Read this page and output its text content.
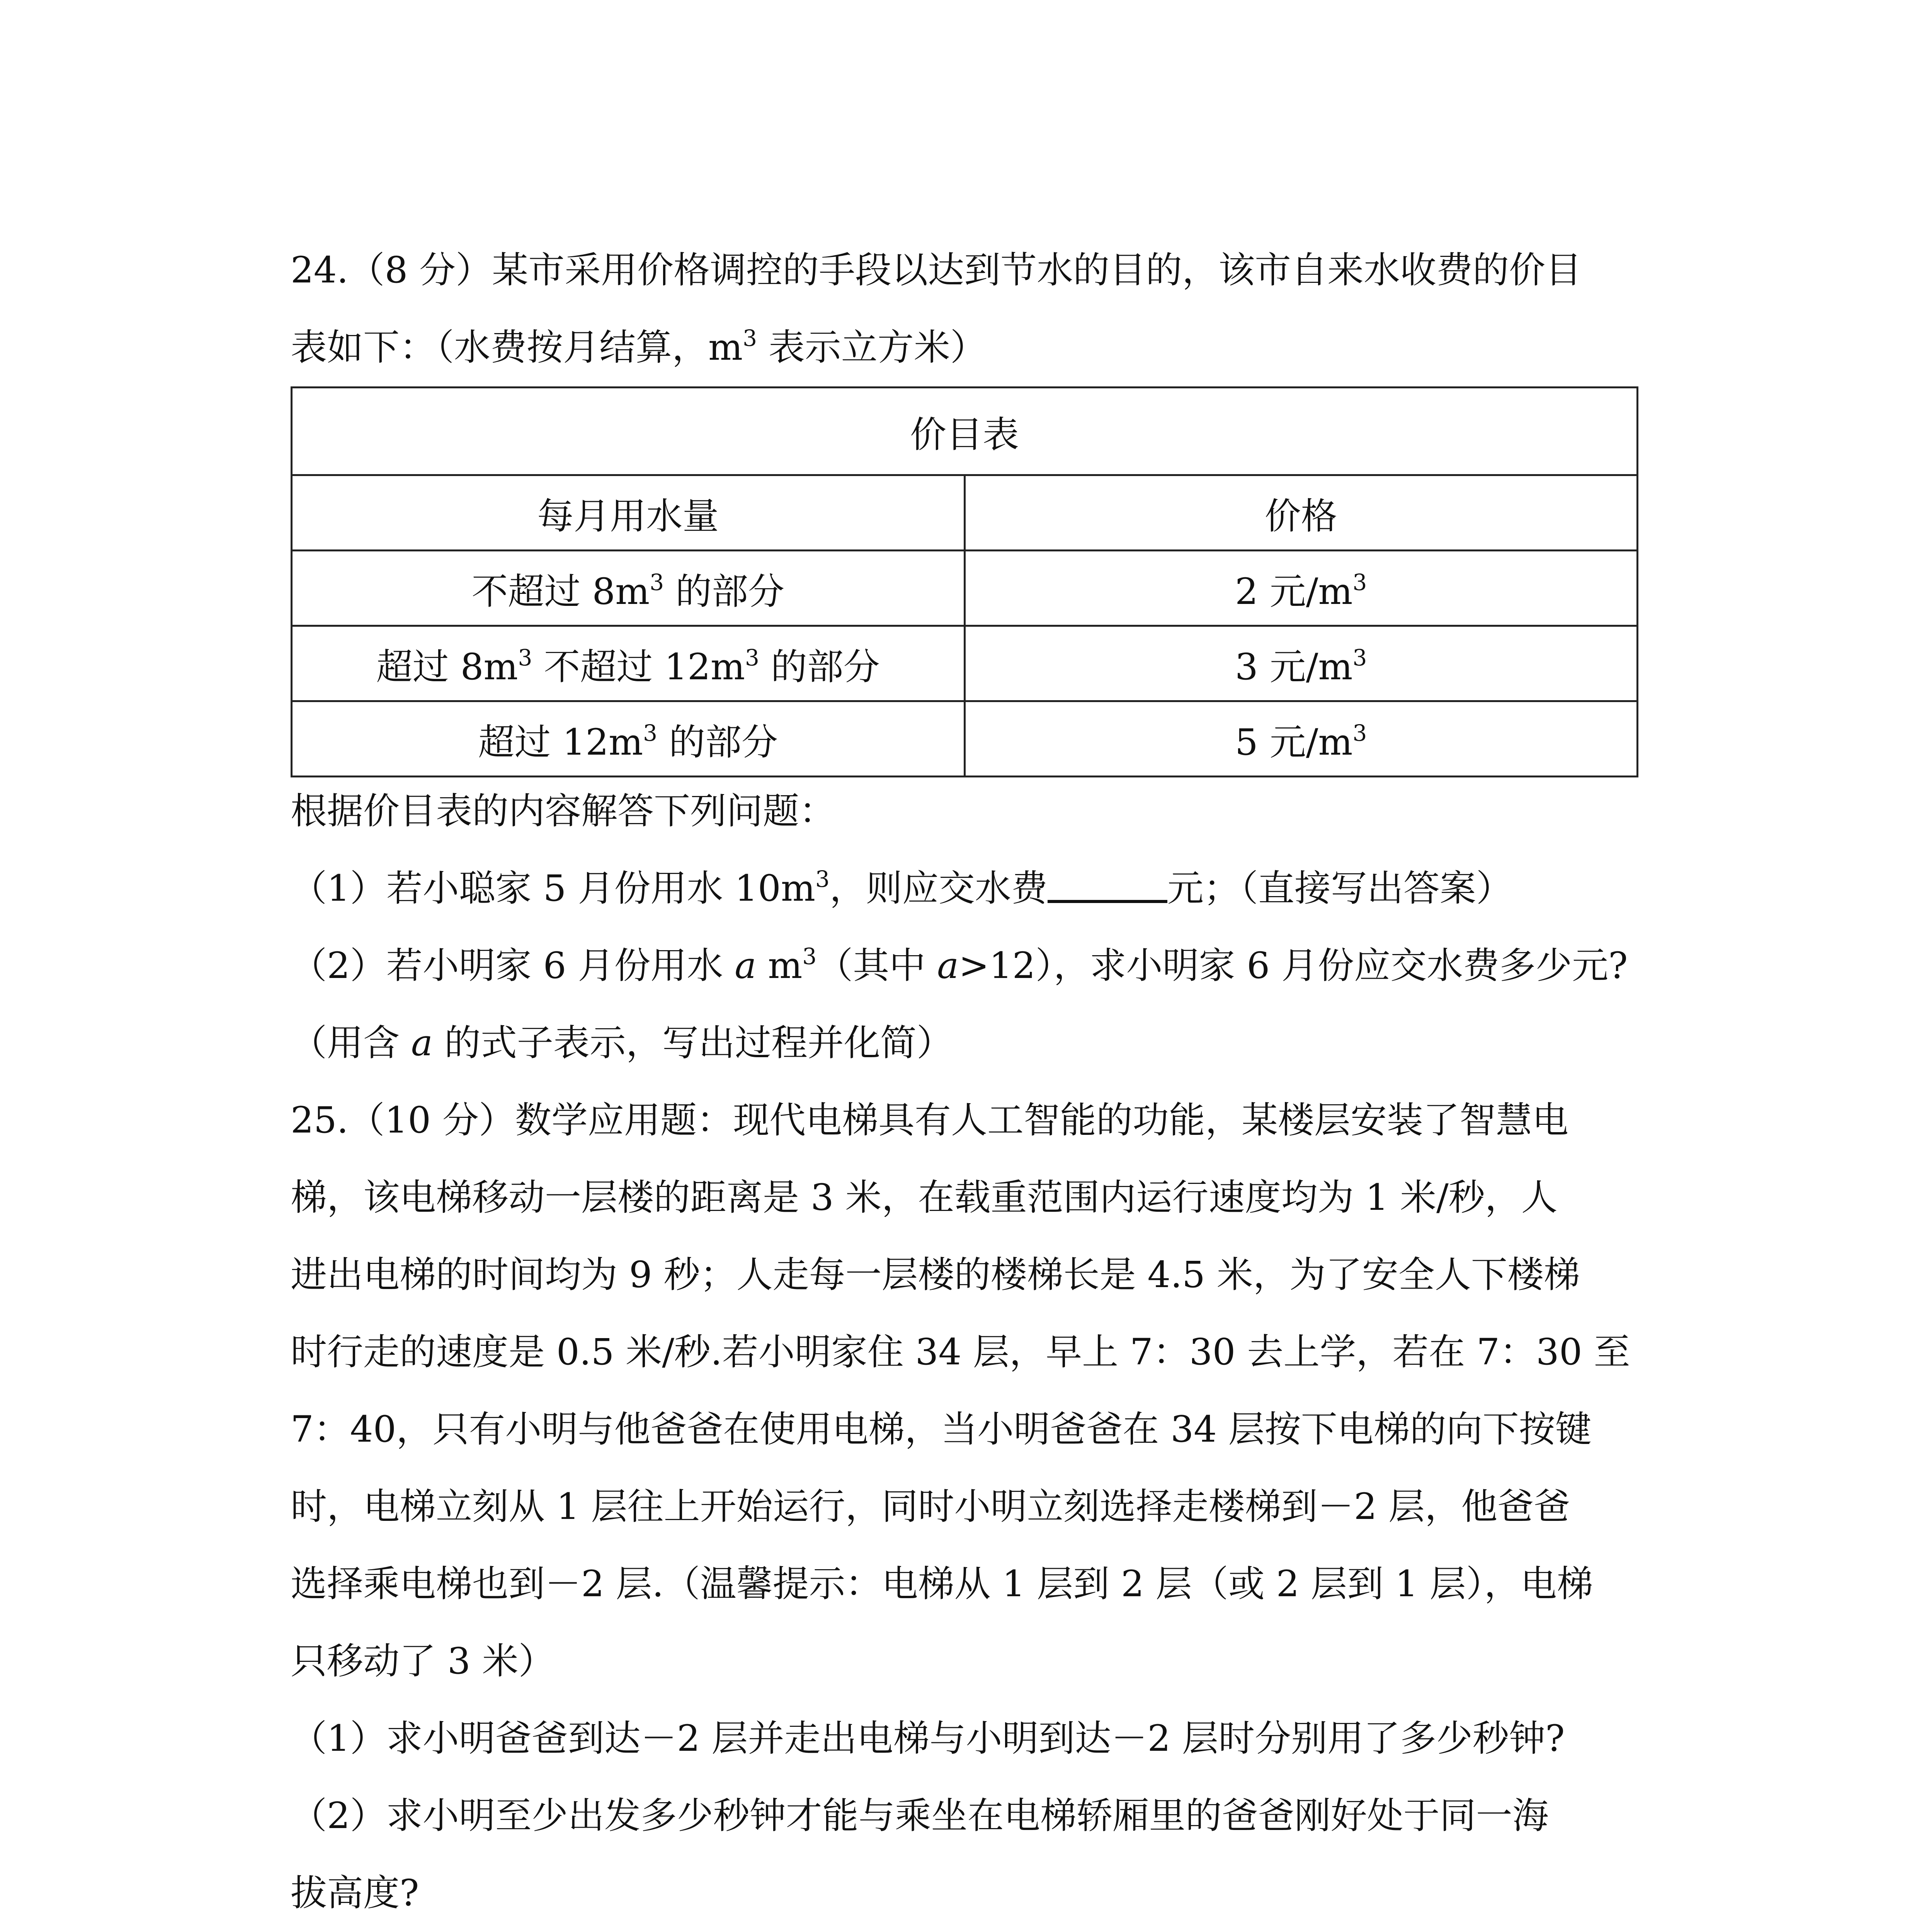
24.（8 分）某市采用价格调控的手段以达到节水的目的，该市自来水收费的价目
表如下：（水费按月结算，$m^3$ 表示立方米）
价目表	
每月用水量	价格
不超过 $8m^3$ 的部分	2 元$/m^3$
超过 $8m^3$ 不超过 $12m^3$ 的部分	3 元$/m^3$
超过 $12m^3$ 的部分	5 元$/m^3$
根据价目表的内容解答下列问题：
（1）若小聪家 5 月份用水 $10m^3$，则应交水费	元；（直接写出答案）
（2）若小明家 6 月份用水 a $m^3$（其中 a>12），求小明家 6 月份应交水费多少元?
（用含 a 的式子表示，写出过程并化简）
25.（10 分）数学应用题：现代电梯具有人工智能的功能，某楼层安装了智慧电
梯，该电梯移动一层楼的距离是 3 米，在载重范围内运行速度均为 1 米/秒，人
进出电梯的时间均为 9 秒；人走每一层楼的楼梯长是 4.5 米，为了安全人下楼梯
时行走的速度是 0.5 米/秒.若小明家住 34 层，早上 7：30 去上学，若在 7：30 至
7：40，只有小明与他爸爸在使用电梯，当小明爸爸在 34 层按下电梯的向下按键
时，电梯立刻从 1 层往上开始运行，同时小明立刻选择走楼梯到－2 层，他爸爸
选择乘电梯也到－2 层.（温馨提示：电梯从 1 层到 2 层（或 2 层到 1 层），电梯
只移动了 3 米）
（1）求小明爸爸到达－2 层并走出电梯与小明到达－2 层时分别用了多少秒钟?
（2）求小明至少出发多少秒钟才能与乘坐在电梯轿厢里的爸爸刚好处于同一海
拔高度?
